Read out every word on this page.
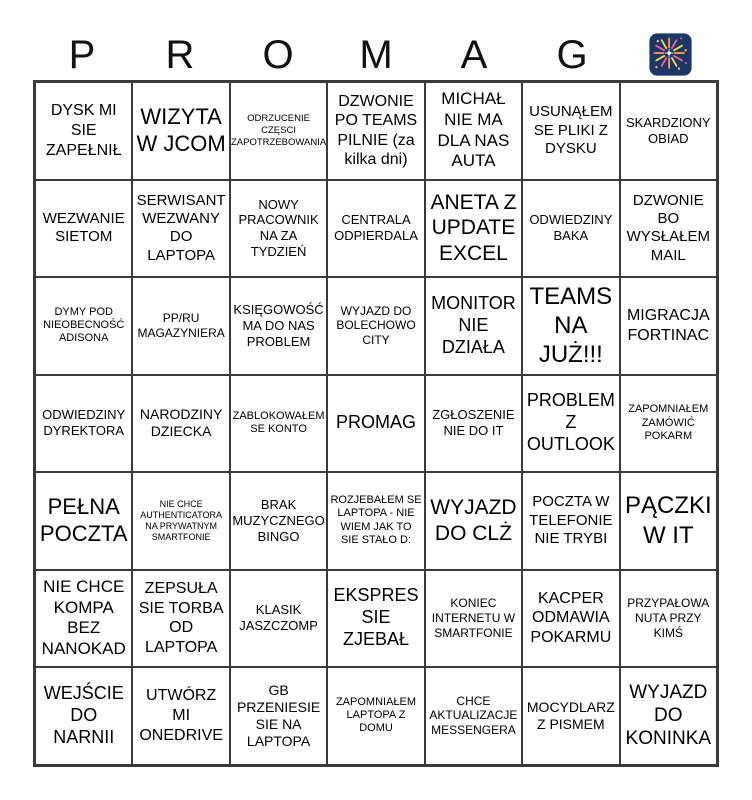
P	R	O	M	A	G
DYSK MI SIE ZAPEŁNIŁ
WIZYTA W JCOM
ODRZUCENIE CZĘSCI ZAPOTRZEBOWANIA
DZWONIE PO TEAMS PILNIE (za kilka dni)
MICHAŁ NIE MA DLA NAS AUTA
USUNĄŁEM SE PLIKI Z DYSKU
SKARDZIONY OBIAD
WEZWANIE SIETOM
SERWISANT WEZWANY DO LAPTOPA
NOWY PRACOWNIK NA ZA TYDZIEŃ
CENTRALA ODPIERDALA
ANETA Z UPDATE EXCEL
ODWIEDZINY BAKA
DZWONIE BO WYSŁAŁEM MAIL
DYMY POD NIEOBECNOŚĆ ADISONA
PP/RU MAGAZYNIERA
KSIĘGOWOŚĆ MA DO NAS PROBLEM
WYJAZD DO BOLECHOWO CITY
MONITOR NIE DZIAŁA
TEAMS NA JUŻ!!!
MIGRACJA FORTINAC
ODWIEDZINY DYREKTORA
NARODZINY DZIECKA
ZABLOKOWAŁEM SE KONTO	PROMAG	ZGŁOSZENIE NIE DO IT
PROBLEM Z OUTLOOK
ZAPOMNIAŁEM ZAMÓWIĆ POKARM
PEŁNA POCZTA
NIE CHCE AUTHENTICATORA NA PRYWATNYM SMARTFONIE
BRAK MUZYCZNEGO BINGO
ROZJEBAŁEM SE LAPTOPA - NIE WIEM JAK TO SIE STAŁO D:
WYJAZD DO CLŻ
POCZTA W TELEFONIE NIE TRYBI
PĄCZKI W IT
NIE CHCE KOMPA BEZ NANOKAD
ZEPSUŁA SIE TORBA OD LAPTOPA
KLASIK JASZCZOMP
EKSPRES SIE ZJEBAŁ
KONIEC INTERNETU W SMARTFONIE
KACPER ODMAWIA POKARMU
PRZYPAŁOWA NUTA PRZY KIMŚ
WEJŚCIE DO NARNII
UTWÓRZ MI ONEDRIVE
GB PRZENIESIE SIE NA LAPTOPA
ZAPOMNIAŁEM LAPTOPA Z DOMU
CHCE AKTUALIZACJE MESSENGERA
MOCYDLARZ Z PISMEM
WYJAZD DO KONINKA
